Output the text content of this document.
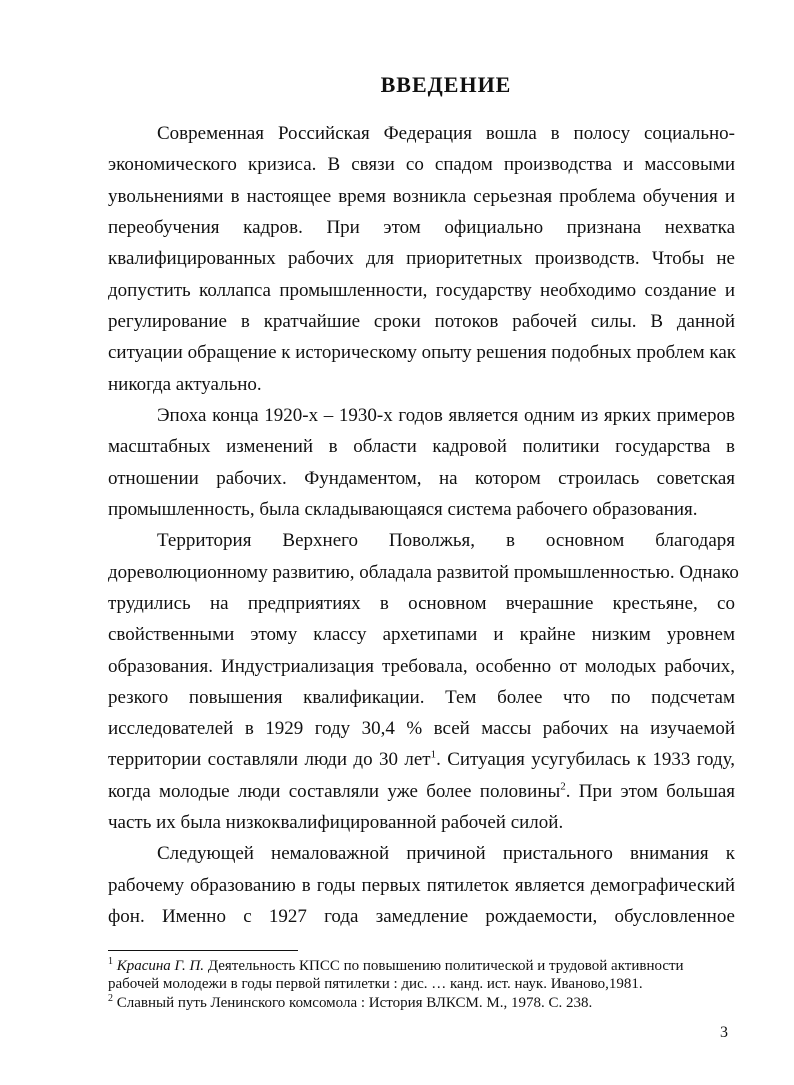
ВВЕДЕНИЕ
Современная Российская Федерация вошла в полосу социально-
экономического кризиса. В связи со спадом производства и массовыми
увольнениями в настоящее время возникла серьезная проблема обучения и
переобучения кадров. При этом официально признана нехватка
квалифицированных рабочих для приоритетных производств. Чтобы не
допустить коллапса промышленности, государству необходимо создание и
регулирование в кратчайшие сроки потоков рабочей силы. В данной
ситуации обращение к историческому опыту решения подобных проблем как
никогда актуально.
Эпоха конца 1920-х – 1930-х годов является одним из ярких примеров
масштабных изменений в области кадровой политики государства в
отношении рабочих. Фундаментом, на котором строилась советская
промышленность, была складывающаяся система рабочего образования.
Территория Верхнего Поволжья, в основном благодаря
дореволюционному развитию, обладала развитой промышленностью. Однако
трудились на предприятиях в основном вчерашние крестьяне, со
свойственными этому классу архетипами и крайне низким уровнем
образования. Индустриализация требовала, особенно от молодых рабочих,
резкого повышения квалификации. Тем более что по подсчетам
исследователей в 1929 году 30,4 % всей массы рабочих на изучаемой
территории составляли люди до 30 лет$^1$. Ситуация усугубилась к 1933 году,
когда молодые люди составляли уже более половины$^2$. При этом большая
часть их была низкоквалифицированной рабочей силой.
Следующей немаловажной причиной пристального внимания к
рабочему образованию в годы первых пятилеток является демографический
фон. Именно с 1927 года замедление рождаемости, обусловленное
$^1$ Красина Г. П. Деятельность КПСС по повышению политической и трудовой активности
рабочей молодежи в годы первой пятилетки : дис. … канд. ист. наук. Иваново,1981.
$^2$ Славный путь Ленинского комсомола : История ВЛКСМ. М., 1978. С. 238.
3
